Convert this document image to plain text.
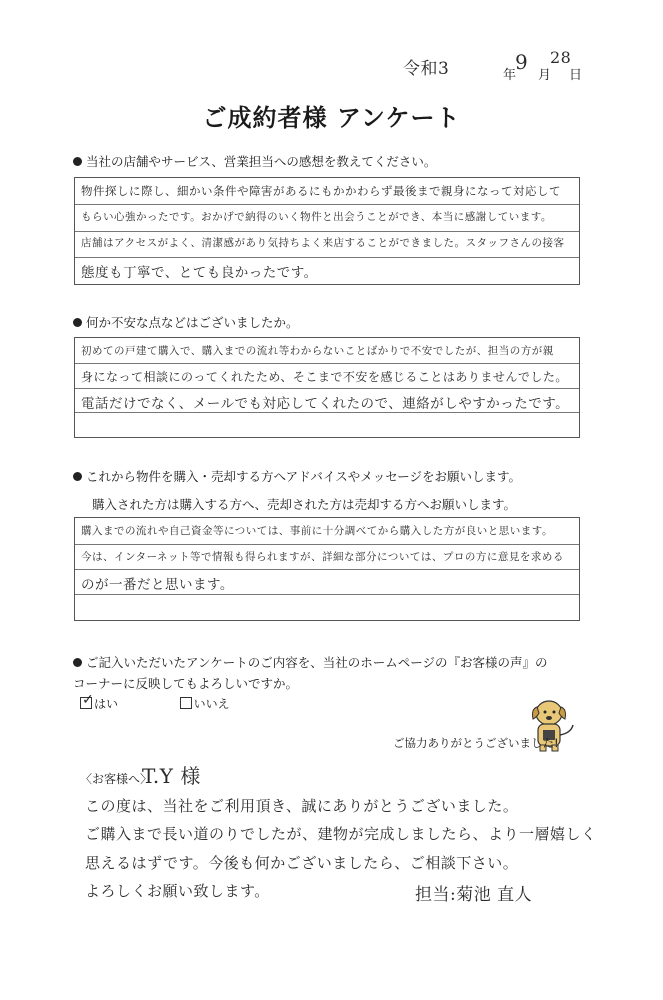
令和3	年
9
月
28
日
ご成約者様 アンケート
当社の店舗やサービス、営業担当への感想を教えてください。
物件探しに際し、細かい条件や障害があるにもかかわらず最後まで親身になって対応して
もらい心強かったです。おかげで納得のいく物件と出会うことができ、本当に感謝しています。
店舗はアクセスがよく、清潔感があり気持ちよく来店することができました。スタッフさんの接客
態度も丁寧で、とても良かったです。
何か不安な点などはございましたか。
初めての戸建て購入で、購入までの流れ等わからないことばかりで不安でしたが、担当の方が親
身になって相談にのってくれたため、そこまで不安を感じることはありませんでした。
電話だけでなく、メールでも対応してくれたので、連絡がしやすかったです。
これから物件を購入・売却する方へアドバイスやメッセージをお願いします。
購入された方は購入する方へ、売却された方は売却する方へお願いします。
購入までの流れや自己資金等については、事前に十分調べてから購入した方が良いと思います。
今は、インターネット等で情報も得られますが、詳細な部分については、プロの方に意見を求める
のが一番だと思います。
ご記入いただいたアンケートのご内容を、当社のホームページの『お客様の声』の
コーナーに反映してもよろしいですか。
✓ はい	いいえ
ご協力ありがとうございました!
〈お客様へ〉
T.Y 様
この度は、当社をご利用頂き、誠にありがとうございました。
ご購入まで長い道のりでしたが、建物が完成しましたら、より一層嬉しく
思えるはずです。今後も何かございましたら、ご相談下さい。
よろしくお願い致します。	担当:菊池 直人
